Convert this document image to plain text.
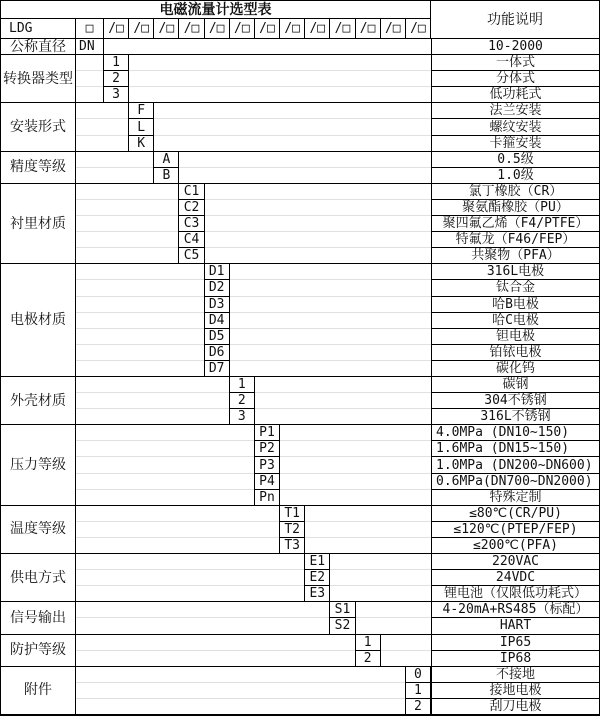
电磁流量计选型表
功能说明
LDG	□	/□ /□ /□ /□ /□ /□ /□ /□ /□ /□ /□ /□ /□
公称直径	DN	10-2000
转换器类型
1	一体式
2	分体式
3	低功耗式
安装形式
F	法兰安装
L	螺纹安装
K	卡箍安装
精度等级
A	0.5级
B	1.0级
衬里材质
C1	氯丁橡胶（CR）
C2	聚氨酯橡胶（PU）
C3	聚四氟乙烯（F4/PTFE）
C4	特氟龙（F46/FEP）
C5	共聚物（PFA）
电极材质
D1	316L电极
D2	钛合金
D3	哈B电极
D4	哈C电极
D5	钽电极
D6	铂铱电极
D7	碳化钨
外壳材质
1	碳钢
2	304不锈钢
3	316L不锈钢
压力等级
P1	4.0MPa (DN10~150)
P2	1.6MPa (DN15~150)
P3	1.0MPa (DN200~DN600)
P4	0.6MPa(DN700~DN2000)
Pn	特殊定制
温度等级
T1	≤80℃(CR/PU)
T2	≤120℃(PTEP/FEP)
T3	≤200℃(PFA)
供电方式
E1	220VAC
E2	24VDC
E3	锂电池（仅限低功耗式）
信号输出
S1	4-20mA+RS485（标配）
S2	HART
防护等级
1	IP65
2	IP68
附件
0	不接地
1	接地电极
2	刮刀电极
